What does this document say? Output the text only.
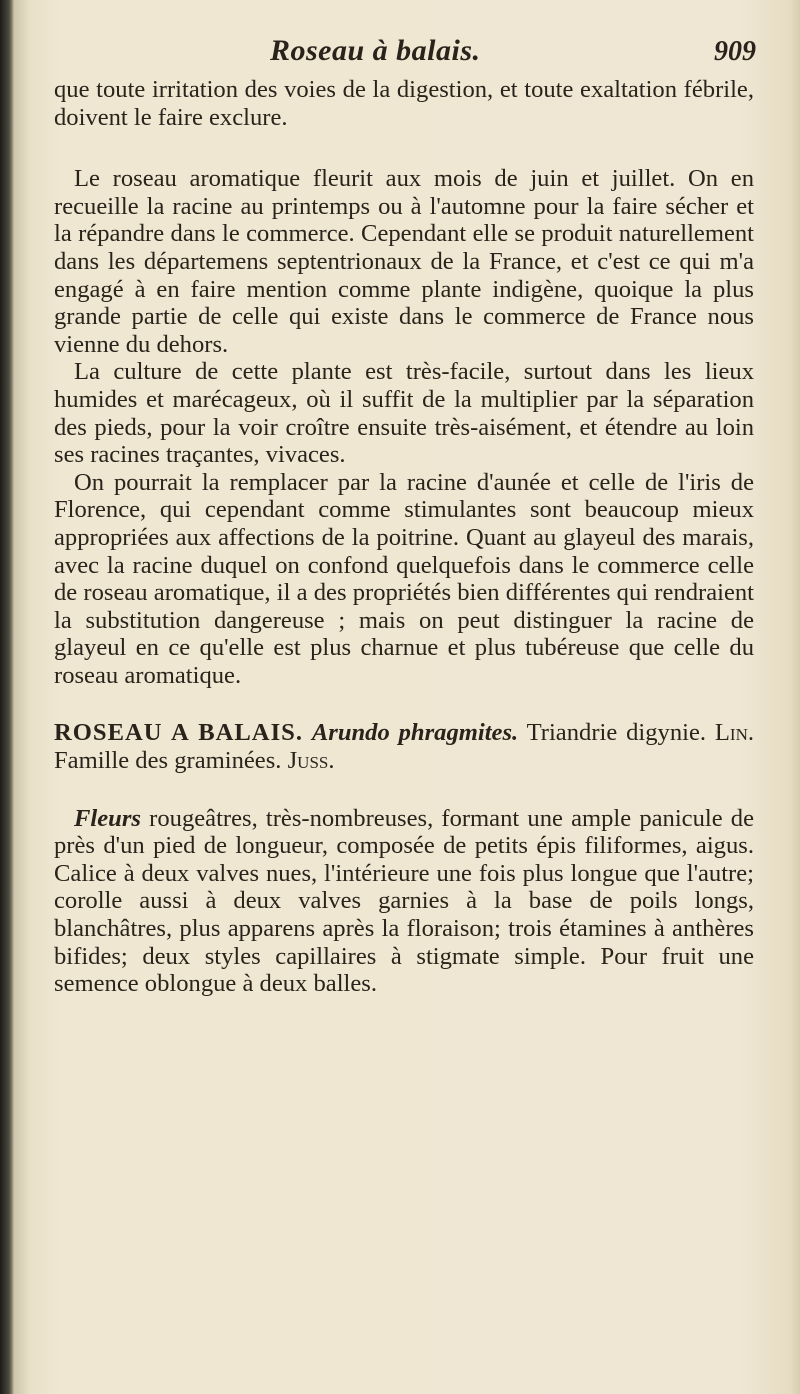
Roseau à balais.	909

que toute irritation des voies de la digestion, et toute exaltation fébrile, doivent le faire exclure.

Le roseau aromatique fleurit aux mois de juin et juillet. On en recueille la racine au printemps ou à l'automne pour la faire sécher et la répandre dans le commerce. Cependant elle se produit naturellement dans les départemens septentrionaux de la France, et c'est ce qui m'a engagé à en faire mention comme plante indigène, quoique la plus grande partie de celle qui existe dans le commerce de France nous vienne du dehors.

La culture de cette plante est très-facile, surtout dans les lieux humides et marécageux, où il suffit de la multiplier par la séparation des pieds, pour la voir croître ensuite très-aisément, et étendre au loin ses racines traçantes, vivaces.

On pourrait la remplacer par la racine d'aunée et celle de l'iris de Florence, qui cependant comme stimulantes sont beaucoup mieux appropriées aux affections de la poitrine. Quant au glayeul des marais, avec la racine duquel on confond quelquefois dans le commerce celle de roseau aromatique, il a des propriétés bien différentes qui rendraient la substitution dangereuse ; mais on peut distinguer la racine de glayeul en ce qu'elle est plus charnue et plus tubéreuse que celle du roseau aromatique.

ROSEAU A BALAIS. Arundo phragmites. Triandrie digynie. Lin. Famille des graminées. Juss.

Fleurs rougeâtres, très-nombreuses, formant une ample panicule de près d'un pied de longueur, composée de petits épis filiformes, aigus. Calice à deux valves nues, l'intérieure une fois plus longue que l'autre; corolle aussi à deux valves garnies à la base de poils longs, blanchâtres, plus apparens après la floraison; trois étamines à anthères bifides; deux styles capillaires à stigmate simple. Pour fruit une semence oblongue à deux balles.
